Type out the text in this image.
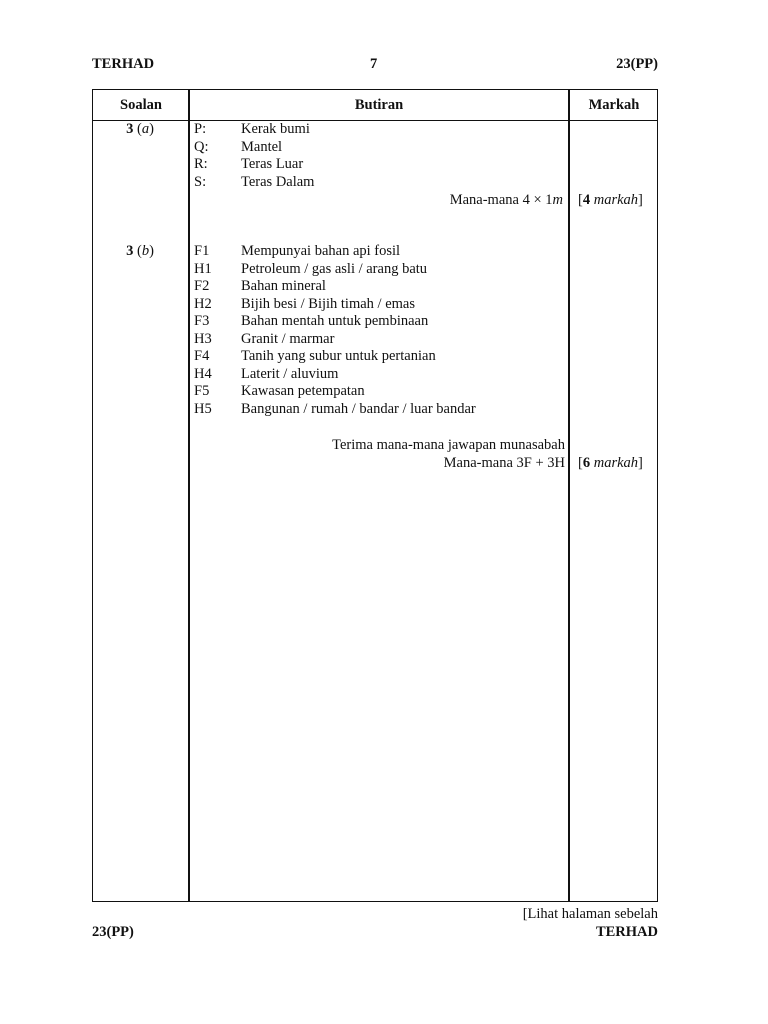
TERHAD	7	23(PP)
Soalan	Butiran	Markah
3 (a)	P: Kerak bumi
Q: Mantel
R: Teras Luar
S: Teras Dalam
Mana-mana 4 × 1m [4 markah]
3 (b)	F1 Mempunyai bahan api fosil
H1 Petroleum / gas asli / arang batu
F2 Bahan mineral
H2 Bijih besi / Bijih timah / emas
F3 Bahan mentah untuk pembinaan
H3 Granit / marmar
F4 Tanih yang subur untuk pertanian
H4 Laterit / aluvium
F5 Kawasan petempatan
H5 Bangunan / rumah / bandar / luar bandar
Terima mana-mana jawapan munasabah
Mana-mana 3F + 3H [6 markah]
[Lihat halaman sebelah
23(PP)	TERHAD
